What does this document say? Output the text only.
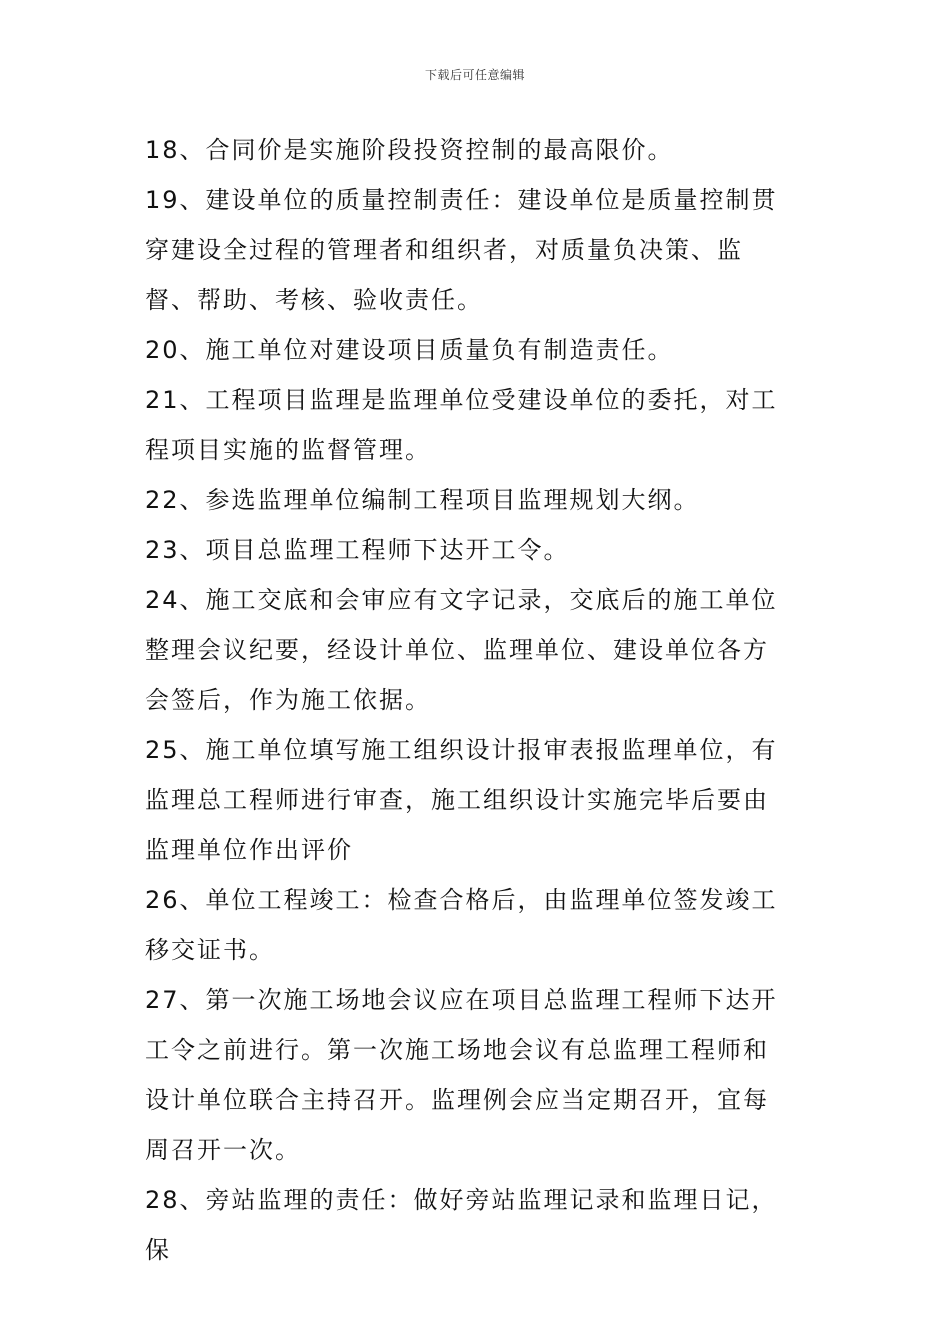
下载后可任意编辑

18、合同价是实施阶段投资控制的最高限价。

19、建设单位的质量控制责任：建设单位是质量控制贯穿建设全过程的管理者和组织者，对质量负决策、监督、帮助、考核、验收责任。

20、施工单位对建设项目质量负有制造责任。

21、工程项目监理是监理单位受建设单位的委托，对工程项目实施的监督管理。

22、参选监理单位编制工程项目监理规划大纲。

23、项目总监理工程师下达开工令。

24、施工交底和会审应有文字记录，交底后的施工单位整理会议纪要，经设计单位、监理单位、建设单位各方会签后，作为施工依据。

25、施工单位填写施工组织设计报审表报监理单位，有监理总工程师进行审查，施工组织设计实施完毕后要由监理单位作出评价

26、单位工程竣工：检查合格后，由监理单位签发竣工移交证书。

27、第一次施工场地会议应在项目总监理工程师下达开工令之前进行。第一次施工场地会议有总监理工程师和设计单位联合主持召开。监理例会应当定期召开，宜每周召开一次。

28、旁站监理的责任：做好旁站监理记录和监理日记，保
